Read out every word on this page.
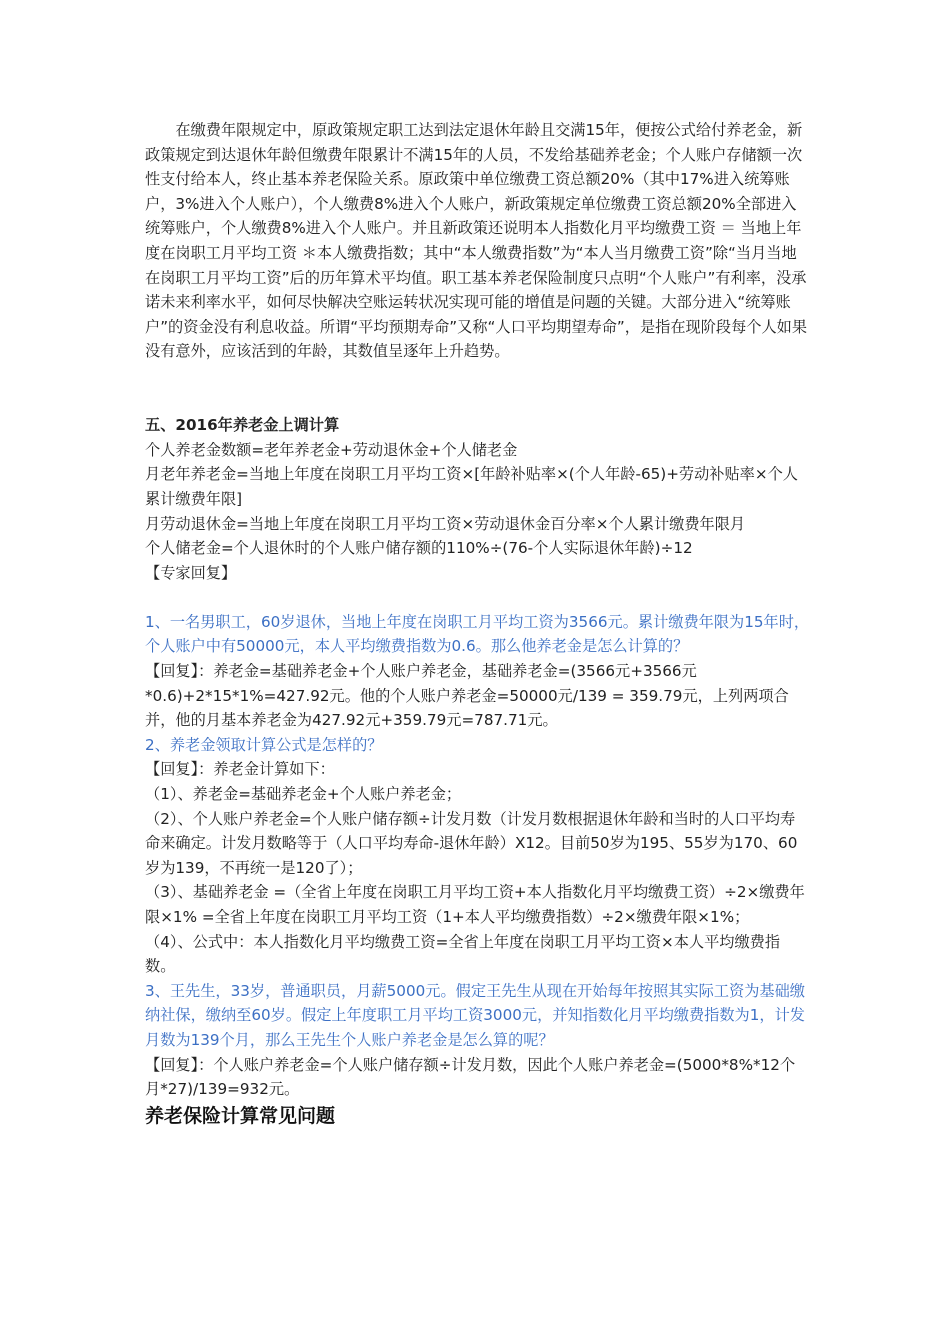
在缴费年限规定中，原政策规定职工达到法定退休年龄且交满15年，便按公式给付养老金，新政策规定到达退休年龄但缴费年限累计不满15年的人员，不发给基础养老金；个人账户存储额一次性支付给本人，终止基本养老保险关系。原政策中单位缴费工资总额20%（其中17%进入统筹账户，3%进入个人账户），个人缴费8%进入个人账户，新政策规定单位缴费工资总额20%全部进入统筹账户，个人缴费8%进入个人账户。并且新政策还说明本人指数化月平均缴费工资 ＝ 当地上年度在岗职工月平均工资 ＊本人缴费指数；其中“本人缴费指数”为“本人当月缴费工资”除“当月当地在岗职工月平均工资”后的历年算术平均值。职工基本养老保险制度只点明“个人账户”有利率，没承诺未来利率水平，如何尽快解决空账运转状况实现可能的增值是问题的关键。大部分进入“统筹账户”的资金没有利息收益。所谓“平均预期寿命”又称“人口平均期望寿命”，是指在现阶段每个人如果没有意外，应该活到的年龄，其数值呈逐年上升趋势。

五、2016年养老金上调计算

个人养老金数额=老年养老金+劳动退休金+个人储老金

月老年养老金=当地上年度在岗职工月平均工资×[年龄补贴率×(个人年龄-65)+劳动补贴率×个人累计缴费年限]

月劳动退休金=当地上年度在岗职工月平均工资×劳动退休金百分率×个人累计缴费年限月

个人储老金=个人退休时的个人账户储存额的110%÷(76-个人实际退休年龄)÷12

【专家回复】

1、一名男职工，60岁退休，当地上年度在岗职工月平均工资为3566元。累计缴费年限为15年时，个人账户中有50000元，本人平均缴费指数为0.6。那么他养老金是怎么计算的？

【回复】：养老金=基础养老金+个人账户养老金，基础养老金=(3566元+3566元*0.6)+2*15*1%=427.92元。他的个人账户养老金=50000元/139 = 359.79元，上列两项合并，他的月基本养老金为427.92元+359.79元=787.71元。

2、养老金领取计算公式是怎样的？

【回复】：养老金计算如下：

（1）、养老金=基础养老金+个人账户养老金；

（2）、个人账户养老金=个人账户储存额÷计发月数（计发月数根据退休年龄和当时的人口平均寿命来确定。计发月数略等于（人口平均寿命-退休年龄）X12。目前50岁为195、55岁为170、60岁为139，不再统一是120了）；

（3）、基础养老金 =（全省上年度在岗职工月平均工资+本人指数化月平均缴费工资）÷2×缴费年限×1% =全省上年度在岗职工月平均工资（1+本人平均缴费指数）÷2×缴费年限×1%；

（4）、公式中：本人指数化月平均缴费工资=全省上年度在岗职工月平均工资×本人平均缴费指数。

3、王先生，33岁，普通职员，月薪5000元。假定王先生从现在开始每年按照其实际工资为基础缴纳社保，缴纳至60岁。假定上年度职工月平均工资3000元，并知指数化月平均缴费指数为1，计发月数为139个月，那么王先生个人账户养老金是怎么算的呢？

【回复】：个人账户养老金=个人账户储存额÷计发月数，因此个人账户养老金=(5000*8%*12个月*27)/139=932元。

养老保险计算常见问题
